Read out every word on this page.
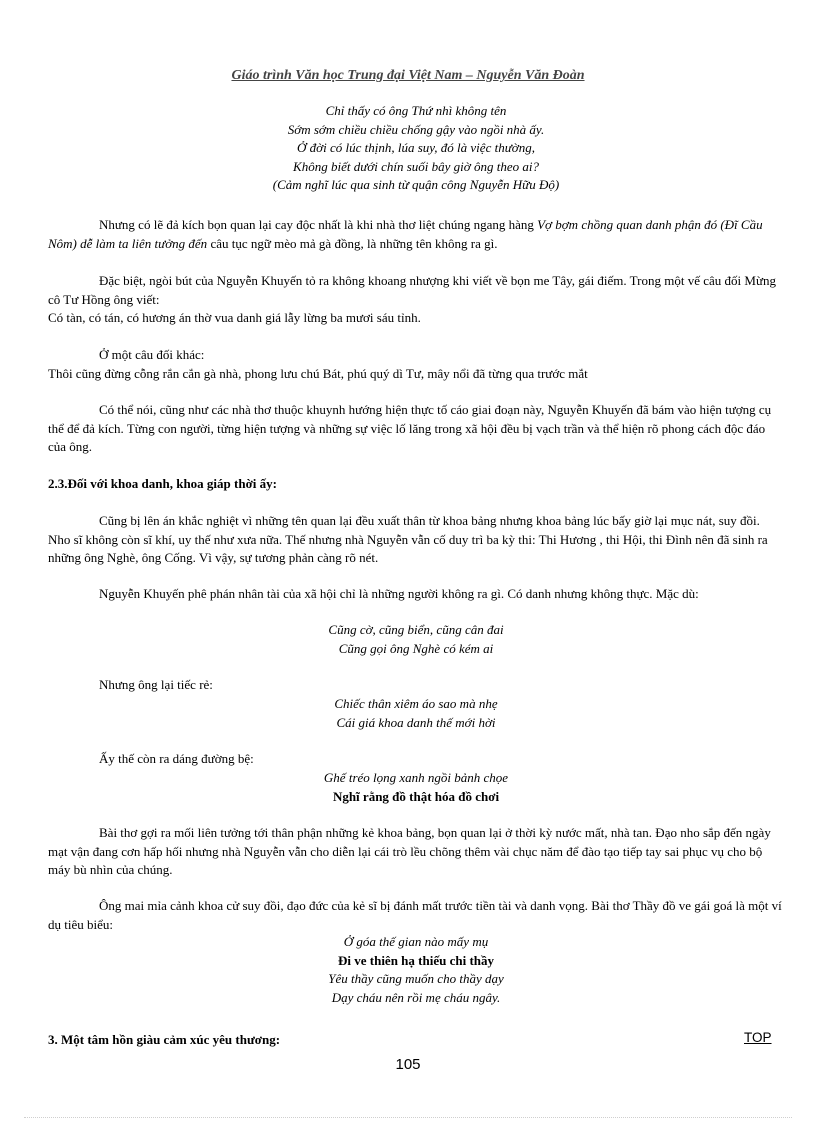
Giáo trình Văn học Trung đại Việt Nam – Nguyễn Văn Đoàn

Chỉ thấy có ông Thứ nhì không tên

Sớm sớm chiều chiều chống gậy vào ngồi nhà ấy.

Ở đời có lúc thịnh, lúa suy, đó là việc thường,

Không biết dưới chín suối bây giờ ông theo ai?

(Cảm nghĩ lúc qua sinh từ quận công Nguyễn Hữu Độ)

Nhưng có lẽ đả kích bọn quan lại cay độc nhất là khi nhà thơ liệt chúng ngang hàng Vợ bợm chồng quan danh phận đó (Đĩ Cầu Nôm) dễ làm ta liên tưởng đến câu tục ngữ mèo mả gà đồng, là những tên không ra gì.

Đặc biệt, ngòi bút của Nguyễn Khuyến tỏ ra không khoang nhượng khi viết về bọn me Tây, gái điếm. Trong một vế câu đối Mừng cô Tư Hồng ông viết:

Có tàn, có tán, có hương án thờ vua danh giá lẫy lừng ba mươi sáu tỉnh.

Ở một câu đối khác:

Thôi cũng đừng cỗng rắn cắn gà nhà, phong lưu chú Bát, phú quý dì Tư, mây nổi đã từng qua trước mắt

Có thể nói, cũng như các nhà thơ thuộc khuynh hướng hiện thực tố cáo giai đoạn này, Nguyễn Khuyến đã bám vào hiện tượng cụ thể để đả kích. Từng con người, từng hiện tượng và những sự việc lố lăng trong xã hội đều bị vạch trần và thể hiện rõ phong cách độc đáo của ông.

2.3.Đối với khoa danh, khoa giáp thời ấy:

Cũng bị lên án khắc nghiệt vì những tên quan lại đều xuất thân từ khoa bảng nhưng khoa bảng lúc bấy giờ lại mục nát, suy đồi. Nho sĩ không còn sĩ khí, uy thế như xưa nữa. Thế nhưng nhà Nguyễn vẫn cố duy trì ba kỳ thi: Thi Hương , thi Hội, thi Đình nên đã sinh ra những ông Nghè, ông Cống. Vì vậy, sự tương phản càng rõ nét.

Nguyễn Khuyến phê phán nhân tài của xã hội chỉ là những người không ra gì. Có danh nhưng không thực. Mặc dù:

Cũng cờ, cũng biển, cũng cân đai

Cũng gọi ông Nghè có kém ai

Nhưng ông lại tiếc rẻ:

Chiếc thân xiêm áo sao mà nhẹ

Cái giá khoa danh thế mới hời

Ấy thế còn ra dáng đường bệ:

Ghế tréo lọng xanh ngồi bảnh chọe

Nghĩ rằng đồ thật hóa đồ chơi

Bài thơ gợi ra mối liên tưởng tới thân phận những kẻ khoa bảng, bọn quan lại ở thời kỳ nước mất, nhà tan. Đạo nho sắp đến ngày mạt vận đang cơn hấp hối nhưng nhà Nguyễn vẫn cho diễn lại cái trò lều chõng thêm vài chục năm để đào tạo tiếp tay sai phục vụ cho bộ máy bù nhìn của chúng.

Ông mai mỉa cảnh khoa cử suy đồi, đạo đức của kẻ sĩ bị đánh mất trước tiền tài và danh vọng. Bài thơ Thầy đồ ve gái goá là một ví dụ tiêu biểu:

Ở góa thế gian nào mấy mụ

Đi ve thiên hạ thiếu chi thầy

Yêu thầy cũng muốn cho thầy dạy

Dạy cháu nên rồi mẹ cháu ngây.

3. Một tâm hồn giàu cảm xúc yêu thương:	TOP
105
